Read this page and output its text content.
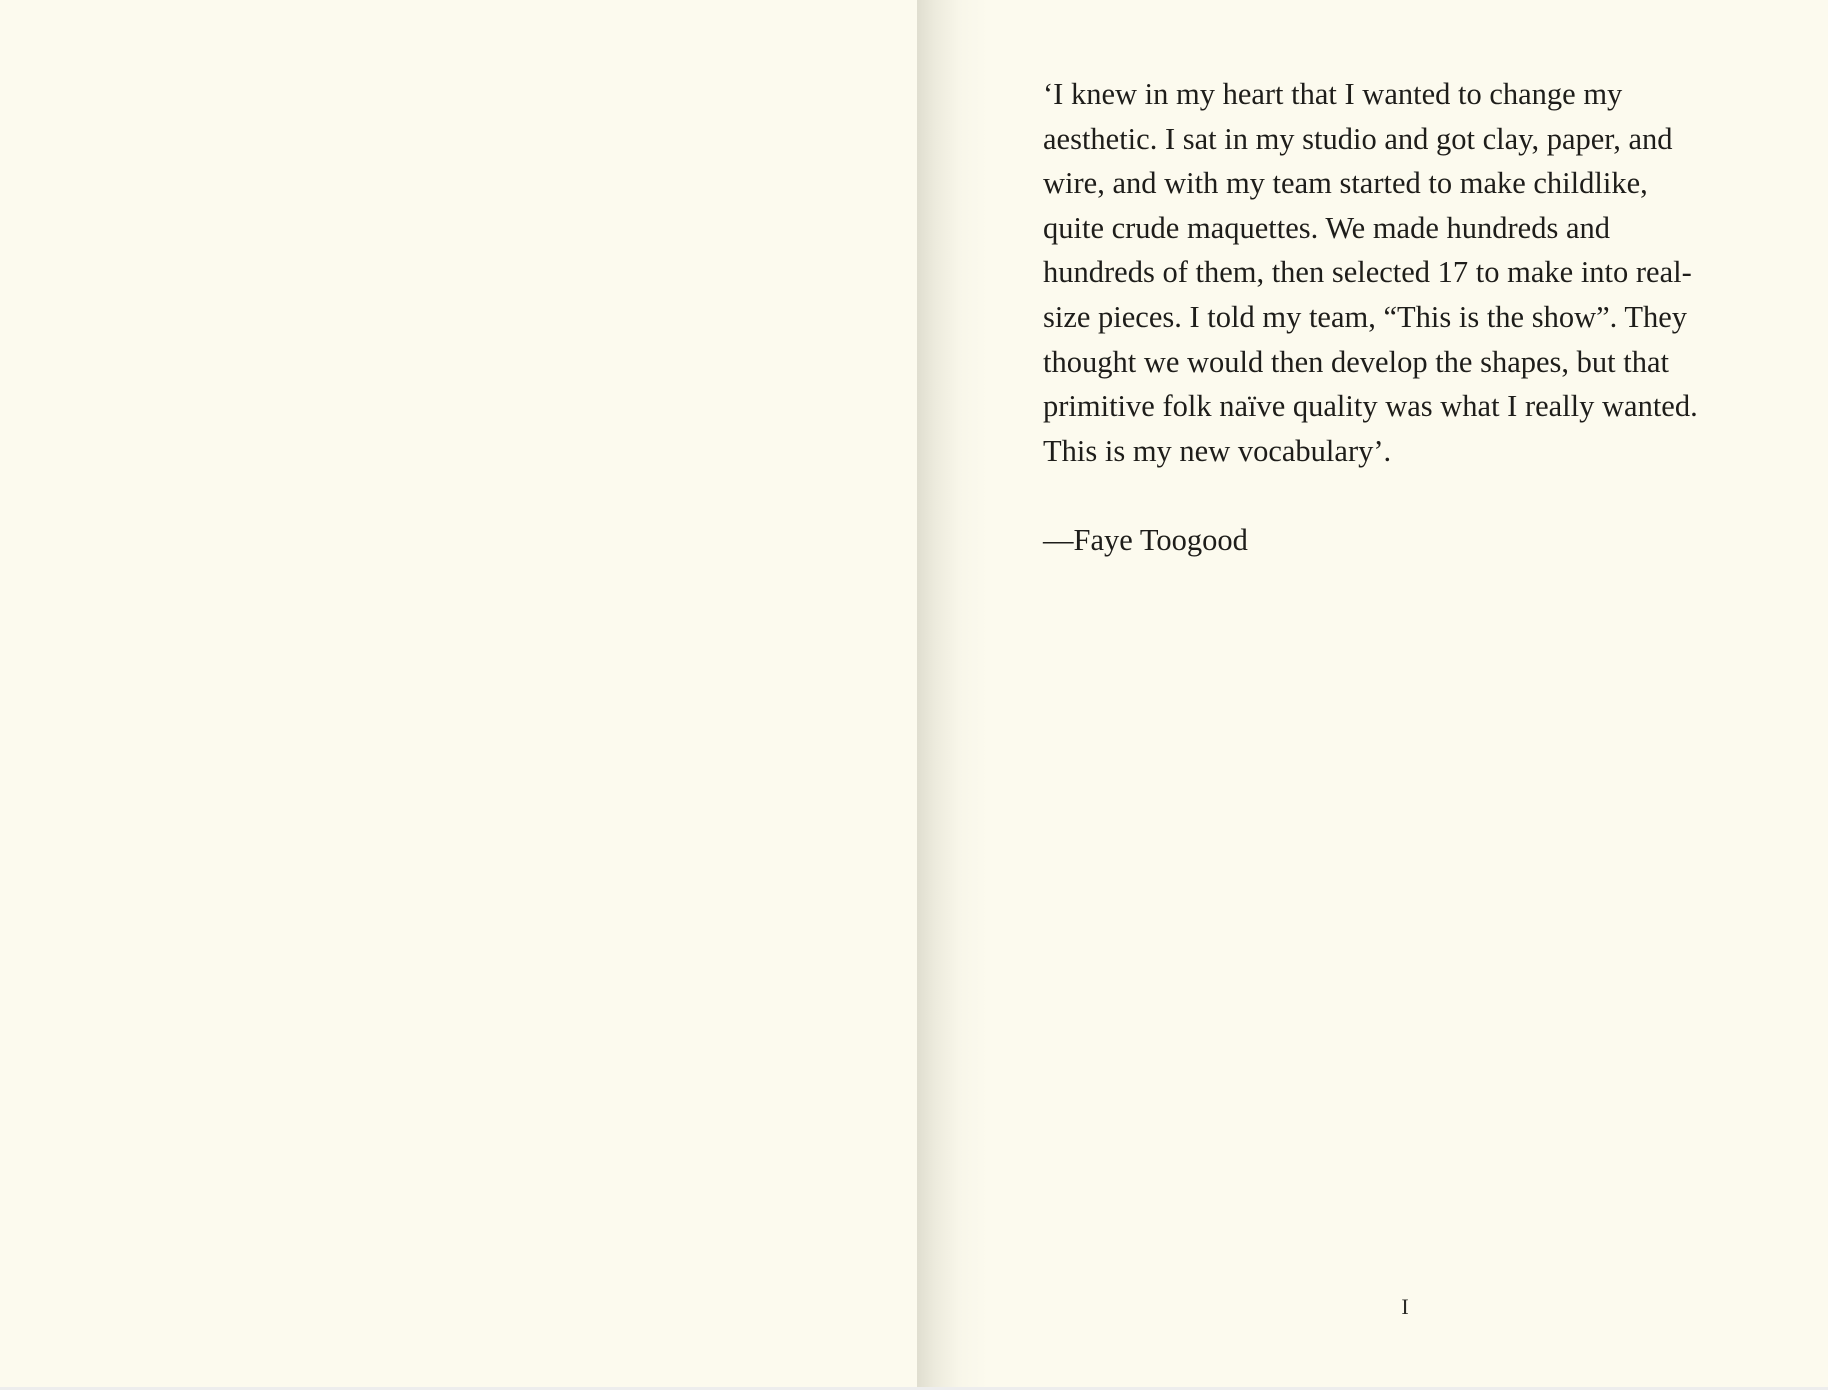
‘I knew in my heart that I wanted to change my
aesthetic. I sat in my studio and got clay, paper, and
wire, and with my team started to make childlike,
quite crude maquettes. We made hundreds and
hundreds of them, then selected 17 to make into real-
size pieces. I told my team, “This is the show”. They
thought we would then develop the shapes, but that
primitive folk naïve quality was what I really wanted.
This is my new vocabulary’.

—Faye Toogood

I
